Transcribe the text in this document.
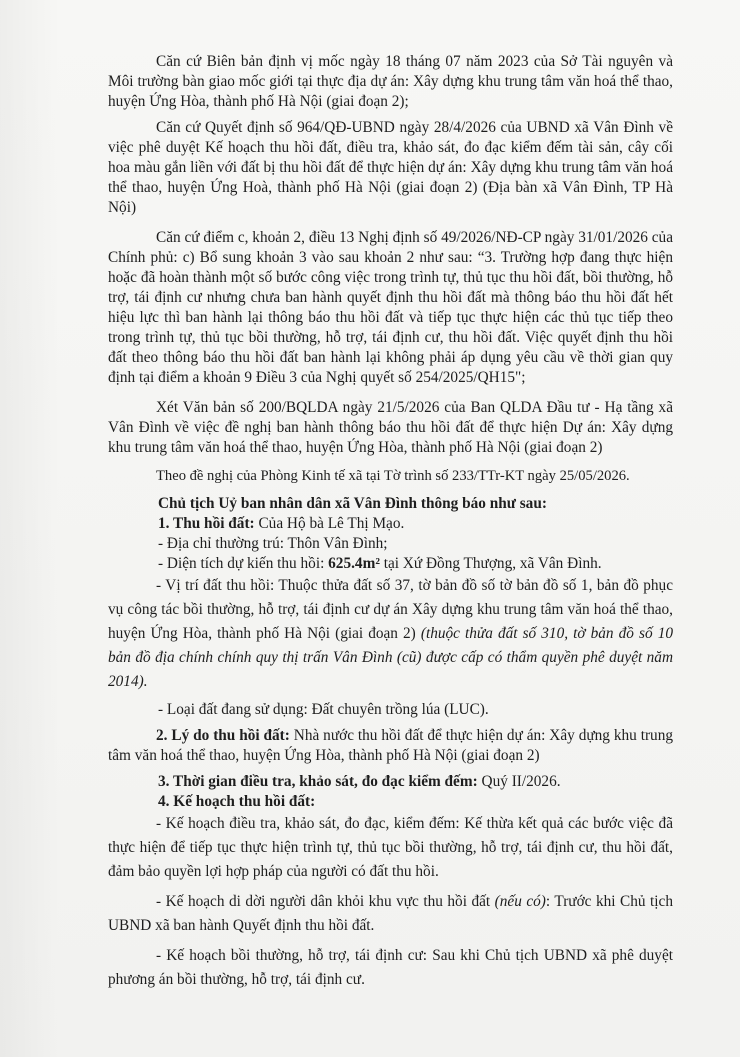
Căn cứ Biên bản định vị mốc ngày 18 tháng 07 năm 2023 của Sở Tài nguyên và Môi trường bàn giao mốc giới tại thực địa dự án: Xây dựng khu trung tâm văn hoá thể thao, huyện Ứng Hòa, thành phố Hà Nội (giai đoạn 2);

Căn cứ Quyết định số 964/QĐ-UBND ngày 28/4/2026 của UBND xã Vân Đình về việc phê duyệt Kế hoạch thu hồi đất, điều tra, khảo sát, đo đạc kiểm đếm tài sản, cây cối hoa màu gắn liền với đất bị thu hồi đất để thực hiện dự án: Xây dựng khu trung tâm văn hoá thể thao, huyện Ứng Hoà, thành phố Hà Nội (giai đoạn 2) (Địa bàn xã Vân Đình, TP Hà Nội)

Căn cứ điểm c, khoản 2, điều 13 Nghị định số 49/2026/NĐ-CP ngày 31/01/2026 của Chính phủ: c) Bổ sung khoản 3 vào sau khoản 2 như sau: “3. Trường hợp đang thực hiện hoặc đã hoàn thành một số bước công việc trong trình tự, thủ tục thu hồi đất, bồi thường, hỗ trợ, tái định cư nhưng chưa ban hành quyết định thu hồi đất mà thông báo thu hồi đất hết hiệu lực thì ban hành lại thông báo thu hồi đất và tiếp tục thực hiện các thủ tục tiếp theo trong trình tự, thủ tục bồi thường, hỗ trợ, tái định cư, thu hồi đất. Việc quyết định thu hồi đất theo thông báo thu hồi đất ban hành lại không phải áp dụng yêu cầu về thời gian quy định tại điểm a khoản 9 Điều 3 của Nghị quyết số 254/2025/QH15";

Xét Văn bản số 200/BQLDA ngày 21/5/2026 của Ban QLDA Đầu tư - Hạ tầng xã Vân Đình về việc đề nghị ban hành thông báo thu hồi đất để thực hiện Dự án: Xây dựng khu trung tâm văn hoá thể thao, huyện Ứng Hòa, thành phố Hà Nội (giai đoạn 2)

Theo đề nghị của Phòng Kinh tế xã tại Tờ trình số 233/TTr-KT ngày 25/05/2026.

Chủ tịch Uỷ ban nhân dân xã Vân Đình thông báo như sau:

1. Thu hồi đất: Của Hộ bà Lê Thị Mạo.

- Địa chỉ thường trú: Thôn Vân Đình;

- Diện tích dự kiến thu hồi: 625.4m² tại Xứ Đồng Thượng, xã Vân Đình.

- Vị trí đất thu hồi: Thuộc thửa đất số 37, tờ bản đồ số tờ bản đồ số 1, bản đồ phục vụ công tác bồi thường, hỗ trợ, tái định cư dự án Xây dựng khu trung tâm văn hoá thể thao, huyện Ứng Hòa, thành phố Hà Nội (giai đoạn 2) (thuộc thửa đất số 310, tờ bản đồ số 10 bản đồ địa chính chính quy thị trấn Vân Đình (cũ) được cấp có thẩm quyền phê duyệt năm 2014).

- Loại đất đang sử dụng: Đất chuyên trồng lúa (LUC).

2. Lý do thu hồi đất: Nhà nước thu hồi đất để thực hiện dự án: Xây dựng khu trung tâm văn hoá thể thao, huyện Ứng Hòa, thành phố Hà Nội (giai đoạn 2)

3. Thời gian điều tra, khảo sát, đo đạc kiểm đếm: Quý II/2026.

4. Kế hoạch thu hồi đất:

- Kế hoạch điều tra, khảo sát, đo đạc, kiểm đếm: Kế thừa kết quả các bước việc đã thực hiện để tiếp tục thực hiện trình tự, thủ tục bồi thường, hỗ trợ, tái định cư, thu hồi đất, đảm bảo quyền lợi hợp pháp của người có đất thu hồi.

- Kế hoạch di dời người dân khỏi khu vực thu hồi đất (nếu có): Trước khi Chủ tịch UBND xã ban hành Quyết định thu hồi đất.

- Kế hoạch bồi thường, hỗ trợ, tái định cư: Sau khi Chủ tịch UBND xã phê duyệt phương án bồi thường, hỗ trợ, tái định cư.
